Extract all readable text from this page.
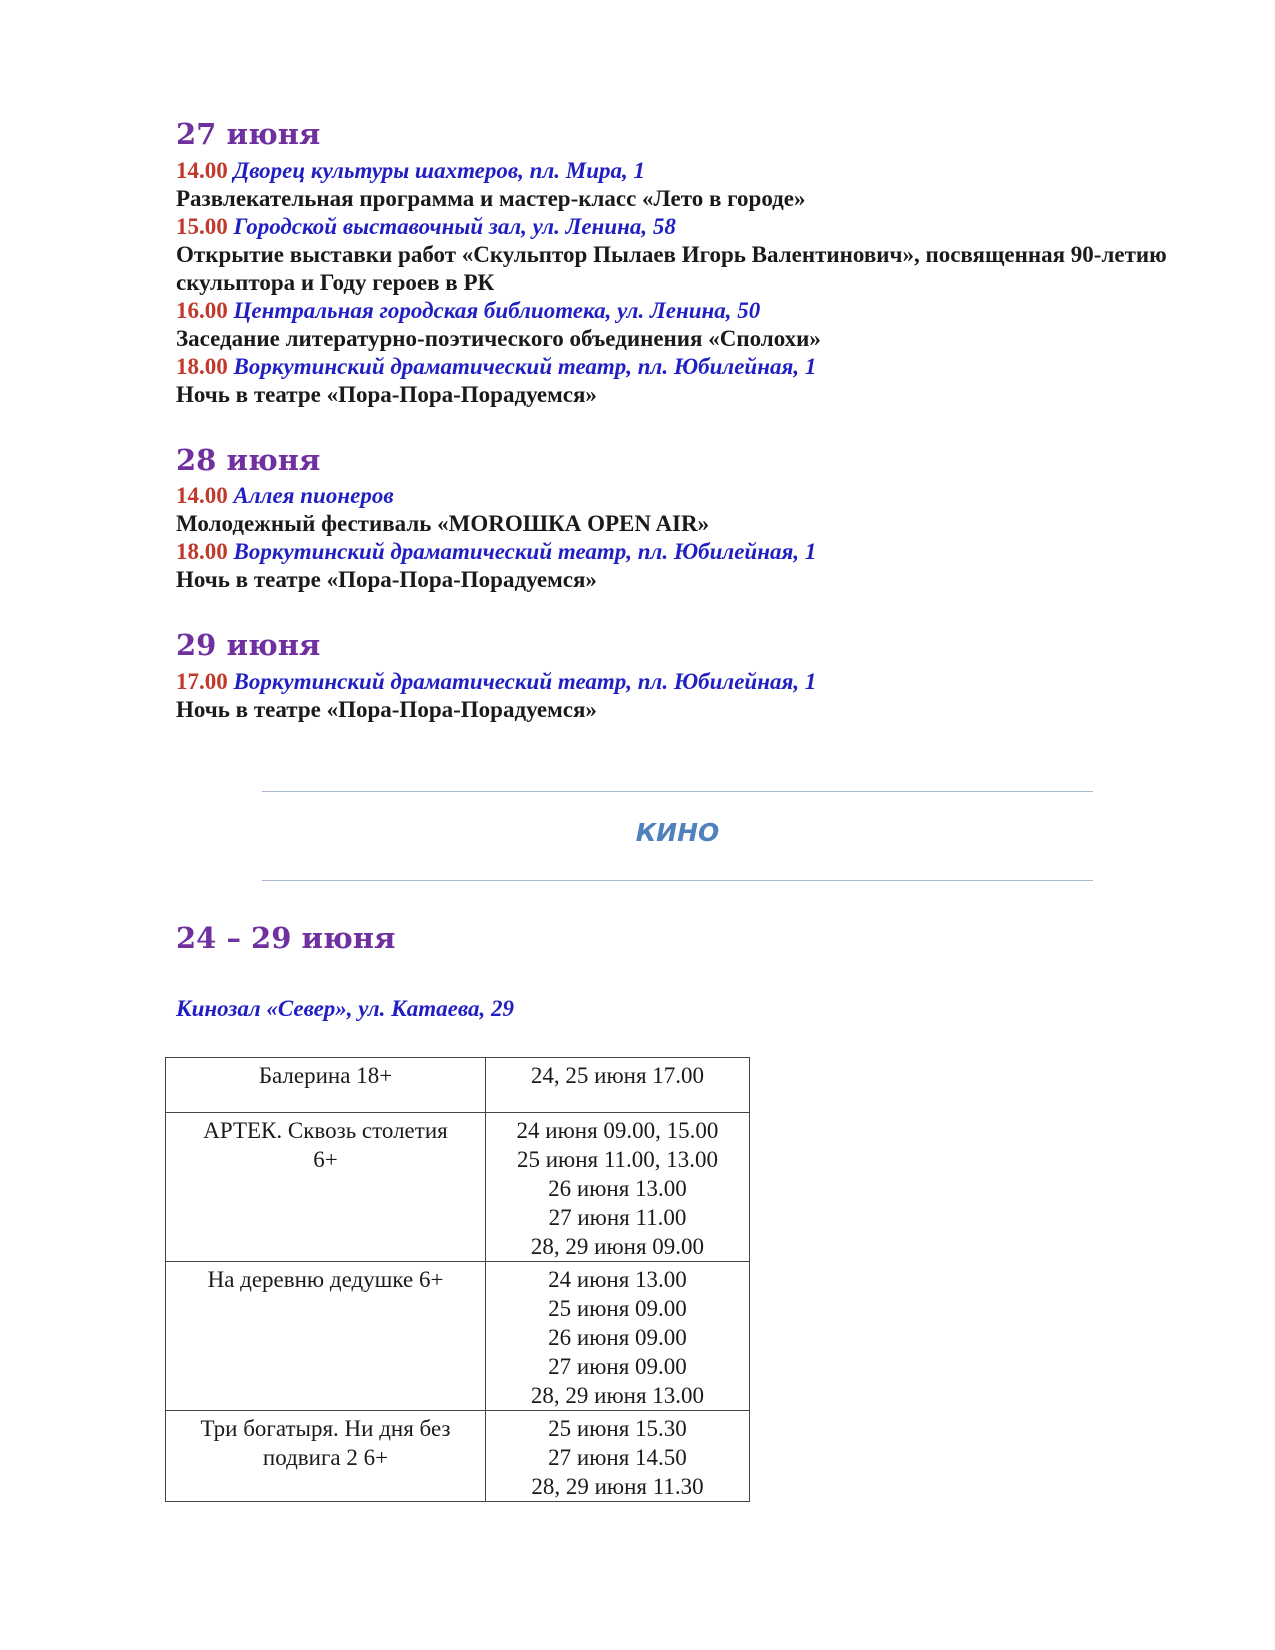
27 июня
14.00 Дворец культуры шахтеров, пл. Мира, 1
Развлекательная программа и мастер-класс «Лето в городе»
15.00 Городской выставочный зал, ул. Ленина, 58
Открытие выставки работ «Скульптор Пылаев Игорь Валентинович», посвященная 90-летию скульптора и Году героев в РК
16.00 Центральная городская библиотека, ул. Ленина, 50
Заседание литературно-поэтического объединения «Сполохи»
18.00 Воркутинский драматический театр, пл. Юбилейная, 1
Ночь в театре «Пора-Пора-Порадуемся»
28 июня
14.00 Аллея пионеров
Молодежный фестиваль «MOROШКА OPEN AIR»
18.00 Воркутинский драматический театр, пл. Юбилейная, 1
Ночь в театре «Пора-Пора-Порадуемся»
29 июня
17.00 Воркутинский драматический театр, пл. Юбилейная, 1
Ночь в театре «Пора-Пора-Порадуемся»
КИНО
24 – 29 июня
Кинозал «Север», ул. Катаева, 29
Балерина 18+	24, 25 июня 17.00

АРТЕК. Сквозь столетия
6+	24 июня 09.00, 15.00
25 июня 11.00, 13.00
26 июня 13.00
27 июня 11.00
28, 29 июня 09.00

На деревню дедушке 6+	24 июня 13.00
25 июня 09.00
26 июня 09.00
27 июня 09.00
28, 29 июня 13.00

Три богатыря. Ни дня без
подвига 2 6+	25 июня 15.30
27 июня 14.50
28, 29 июня 11.30
